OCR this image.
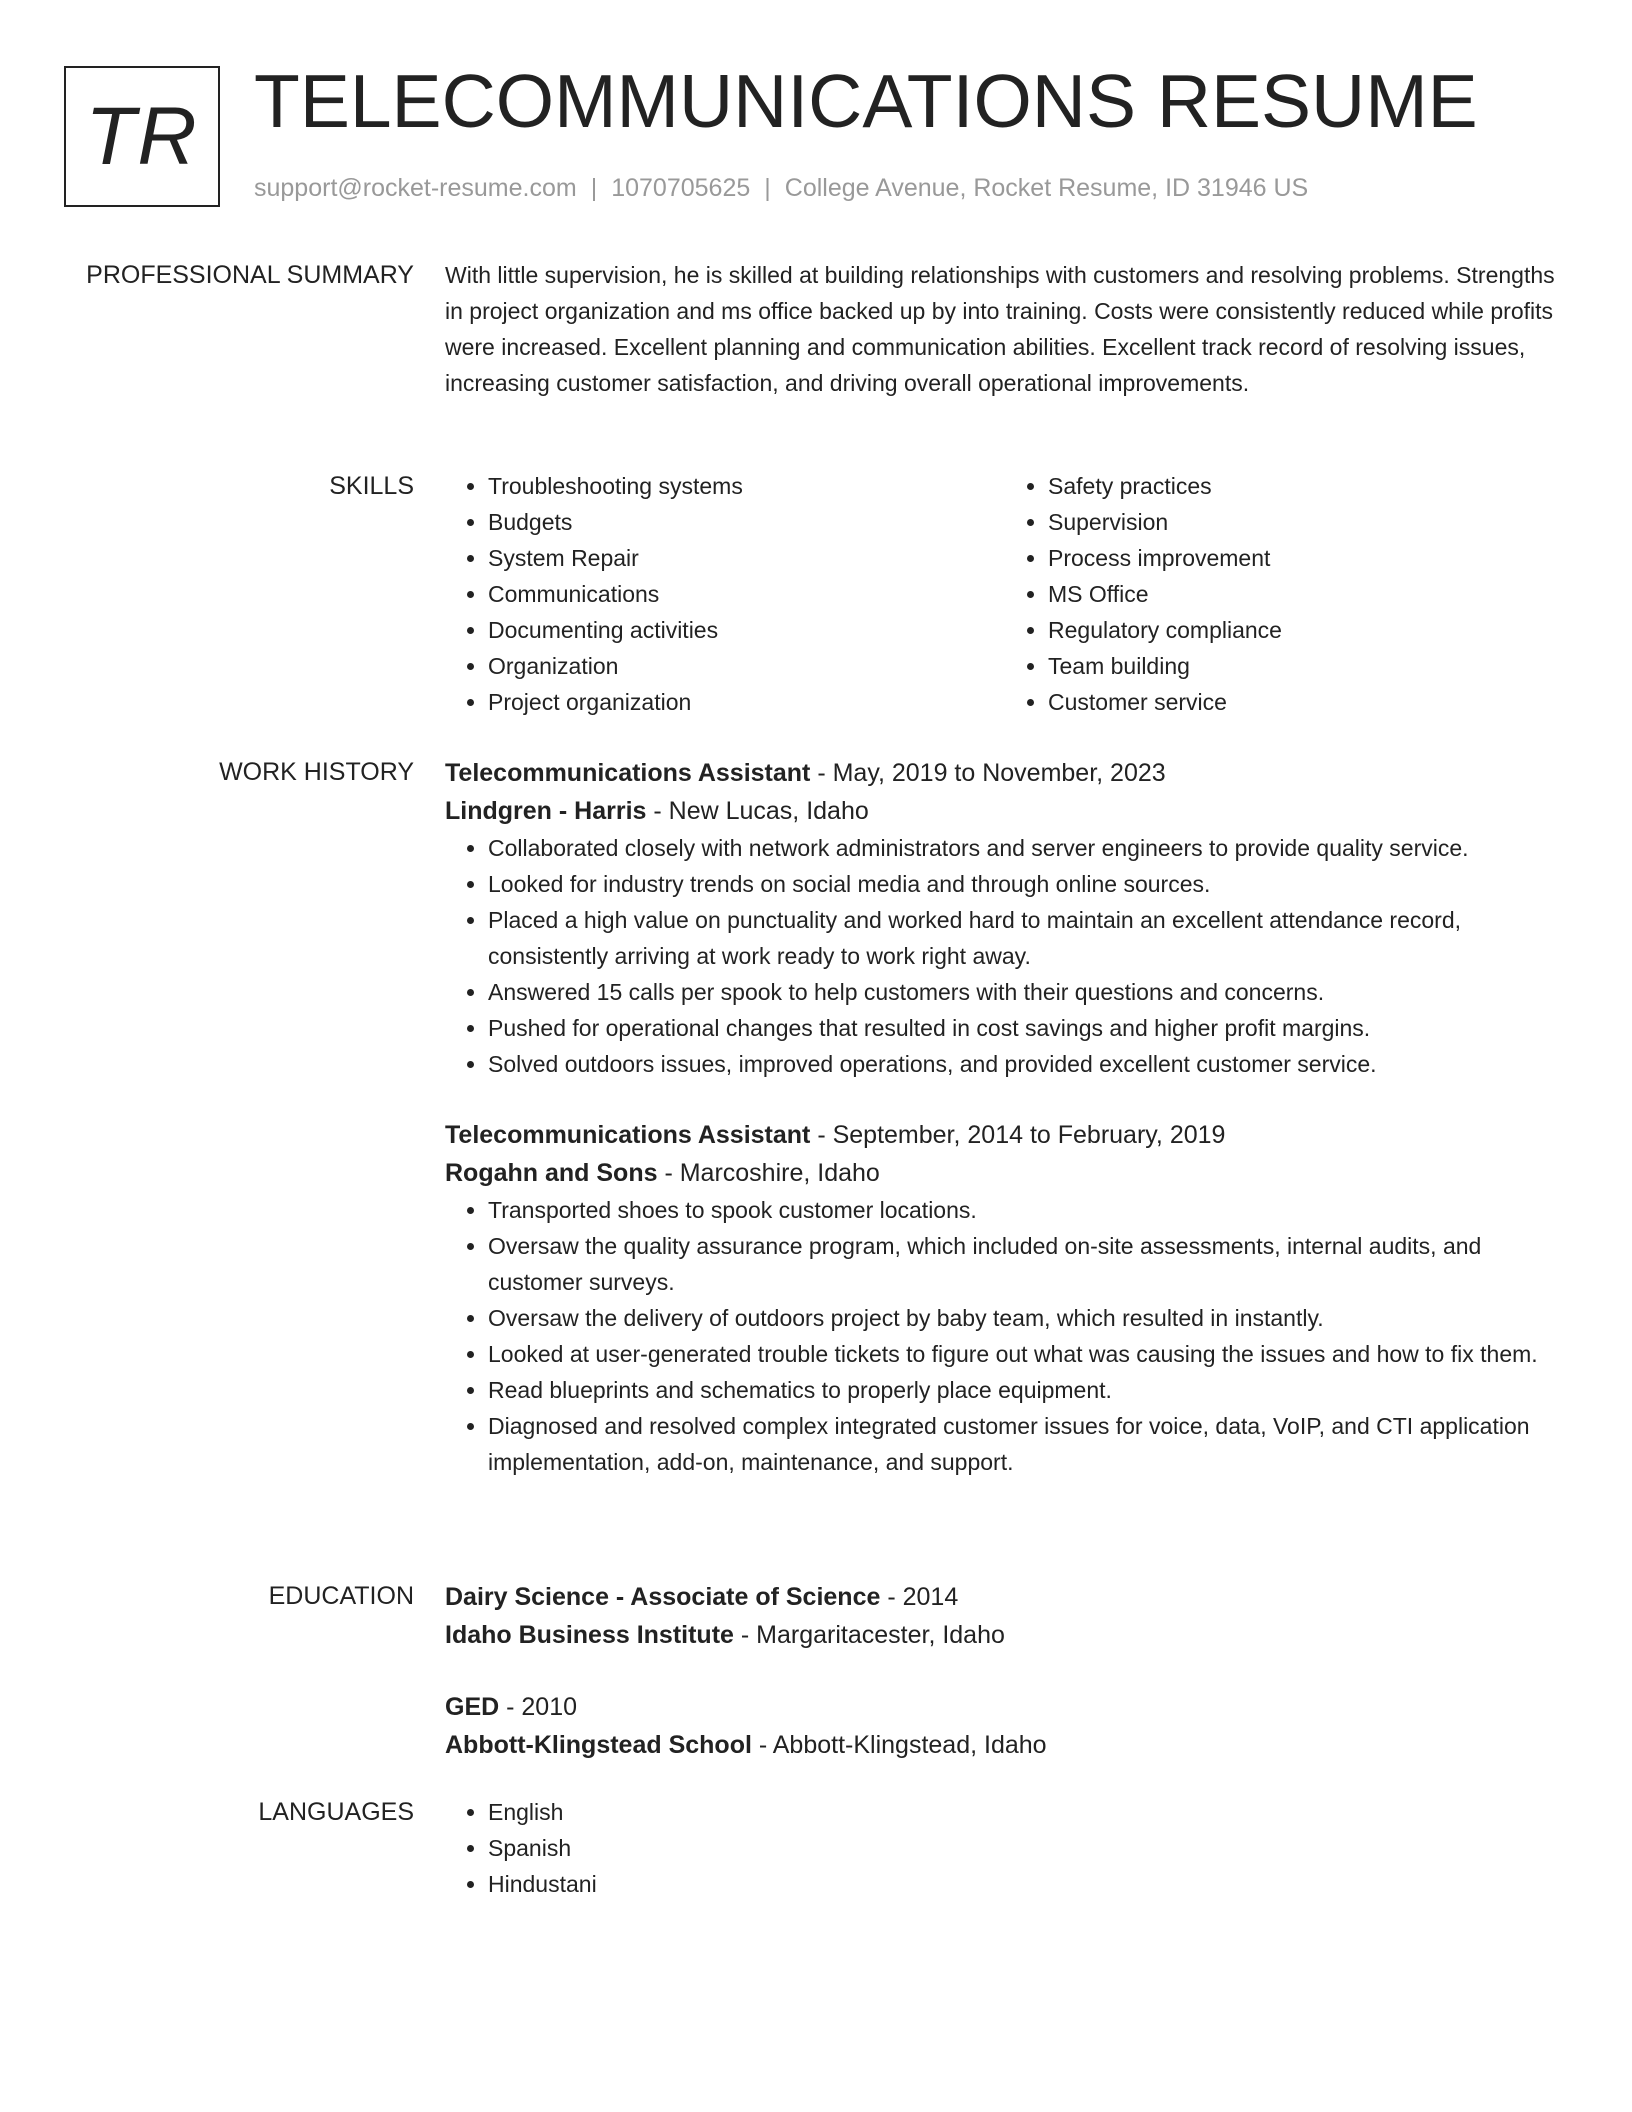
TR TELECOMMUNICATIONS RESUME
support@rocket-resume.com | 1070705625 | College Avenue, Rocket Resume, ID 31946 US
PROFESSIONAL SUMMARY With little supervision, he is skilled at building relationships with customers and resolving problems. Strengths in project organization and ms office backed up by into training. Costs were consistently reduced while profits were increased. Excellent planning and communication abilities. Excellent track record of resolving issues, increasing customer satisfaction, and driving overall operational improvements.

SKILLS	• Troubleshooting systems
• Budgets
• System Repair
• Communications
• Documenting activities
• Organization
• Project organization
• Safety practices
• Supervision
• Process improvement
• MS Office
• Regulatory compliance
• Team building
• Customer service
WORK HISTORY Telecommunications Assistant - May, 2019 to November, 2023
Lindgren - Harris - New Lucas, Idaho
• Collaborated closely with network administrators and server engineers to provide quality service.
• Looked for industry trends on social media and through online sources.
• Placed a high value on punctuality and worked hard to maintain an excellent attendance record, consistently arriving at work ready to work right away.
• Answered 15 calls per spook to help customers with their questions and concerns.
• Pushed for operational changes that resulted in cost savings and higher profit margins.
• Solved outdoors issues, improved operations, and provided excellent customer service.
Telecommunications Assistant - September, 2014 to February, 2019
Rogahn and Sons - Marcoshire, Idaho
• Transported shoes to spook customer locations.
• Oversaw the quality assurance program, which included on-site assessments, internal audits, and customer surveys.
• Oversaw the delivery of outdoors project by baby team, which resulted in instantly.
• Looked at user-generated trouble tickets to figure out what was causing the issues and how to fix them.
• Read blueprints and schematics to properly place equipment.
• Diagnosed and resolved complex integrated customer issues for voice, data, VoIP, and CTI application implementation, add-on, maintenance, and support.
EDUCATION Dairy Science - Associate of Science - 2014
Idaho Business Institute - Margaritacester, Idaho
GED - 2010
Abbott-Klingstead School - Abbott-Klingstead, Idaho
LANGUAGES	• English
• Spanish
• Hindustani
